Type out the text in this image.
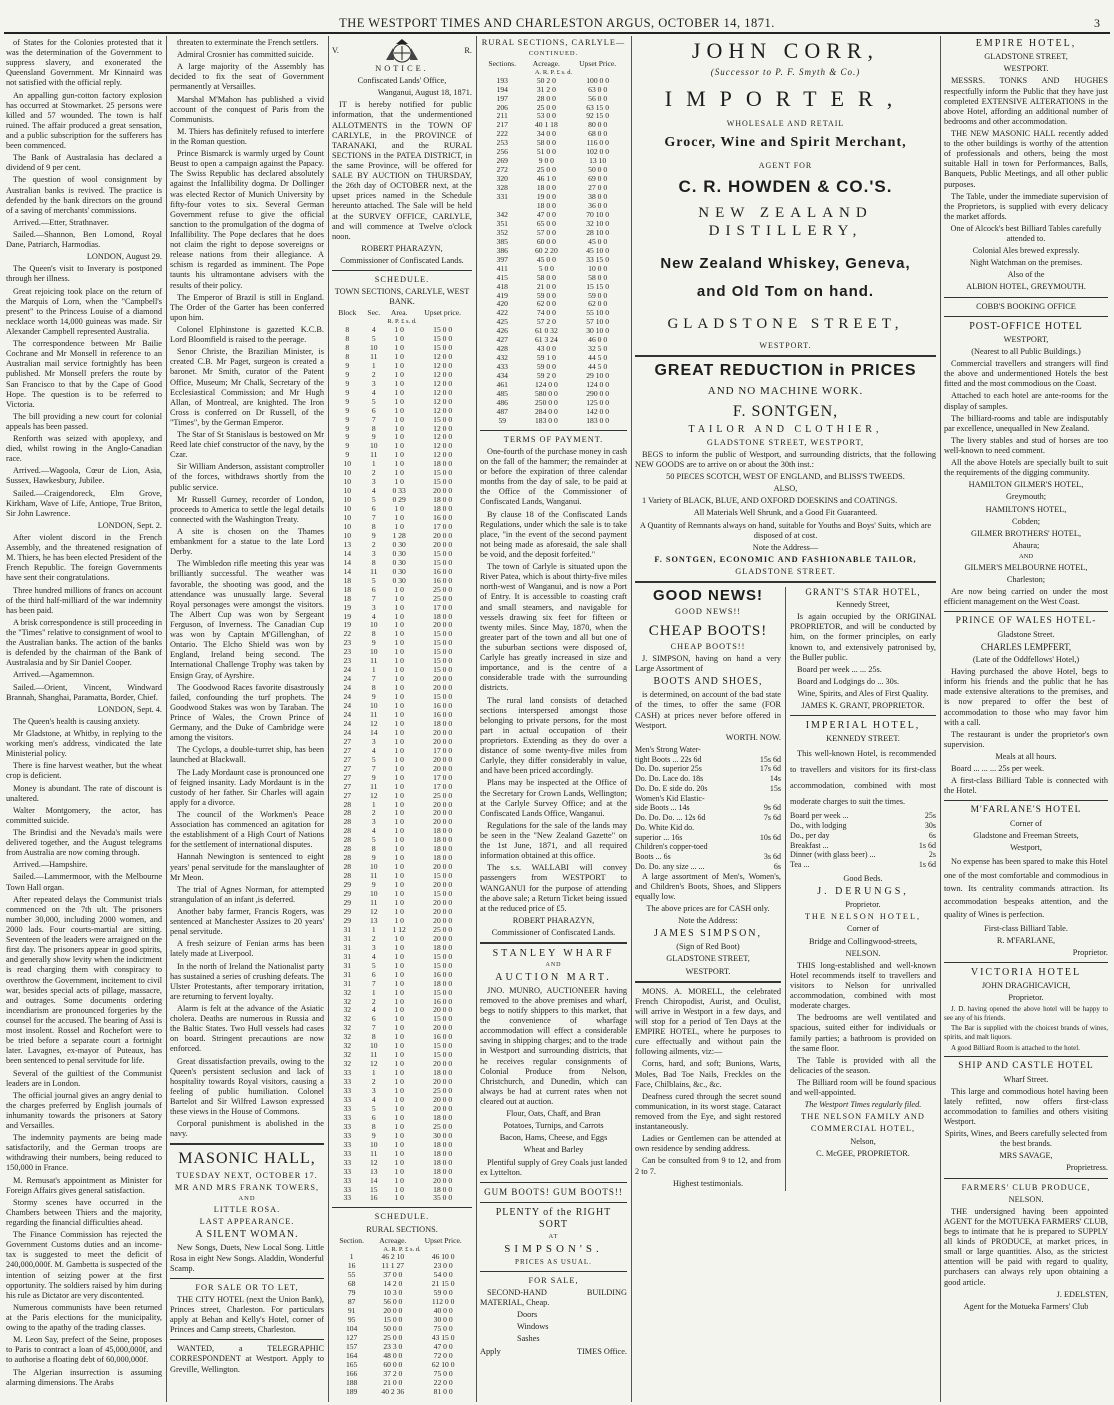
THE WESTPORT TIMES AND CHARLESTON ARGUS, OCTOBER 14, 1871.	3

of States for the Colonies protested that it was the determination of the Government to suppress slavery, and exonerated the Queensland Government. Mr Kinnaird was not satisfied with the official reply.

An appalling gun-cotton factory explosion has occurred at Stowmarket. 25 persons were killed and 57 wounded. The town is half ruined. The affair produced a great sensation, and a public subscription for the sufferers has been commenced.

The Bank of Australasia has declared a dividend of 9 per cent.

The question of wool consignment by Australian banks is revived. The practice is defended by the bank directors on the ground of a saving of merchants' commissions.

Arrived.—Etter, Strathnaver.

Sailed.—Shannon, Ben Lomond, Royal Dane, Patriarch, Harmodias.

LONDON, August 29.

The Queen's visit to Inverary is postponed through her illness.

Great rejoicing took place on the return of the Marquis of Lorn, when the "Campbell's present" to the Princess Louise of a diamond necklace worth 14,000 guineas was made. Sir Alexander Campbell represented Australia.

The correspondence between Mr Bailie Cochrane and Mr Monsell in reference to an Australian mail service fortnightly has been published. Mr Monsell prefers the route by San Francisco to that by the Cape of Good Hope. The question is to be referred to Victoria.

The bill providing a new court for colonial appeals has been passed.

Renforth was seized with apoplexy, and died, whilst rowing in the Anglo-Canadian race.

Arrived.—Wagoola, Cœur de Lion, Asia, Sussex, Hawkesbury, Jubilee.

Sailed.—Craigendoreck, Elm Grove, Kirkham, Wave of Life, Antiope, True Briton, Sir John Lawrence.

LONDON, Sept. 2.

After violent discord in the French Assembly, and the threatened resignation of M. Thiers, he has been elected President of the French Republic. The foreign Governments have sent their congratulations.

Three hundred millions of francs on account of the third half-milliard of the war indemnity has been paid.

A brisk correspondence is still proceeding in the "Times" relative to consignment of wool to the Australian banks. The action of the banks is defended by the chairman of the Bank of Australasia and by Sir Daniel Cooper.

Arrived.—Agamemnon.

Sailed.—Orient, Vincent, Windward Brannah, Shanghai, Paramatta, Border, Chief.

LONDON, Sept. 4.

The Queen's health is causing anxiety.

Mr Gladstone, at Whitby, in replying to the working men's address, vindicated the late Ministerial policy.

There is fine harvest weather, but the wheat crop is deficient.

Money is abundant. The rate of discount is unaltered.

Walter Montgomery, the actor, has committed suicide.

The Brindisi and the Nevada's mails were delivered together, and the August telegrams from Australia are now coming through.

Arrived.—Hampshire.

Sailed.—Lammermoor, with the Melbourne Town Hall organ.

After repeated delays the Communist trials commenced on the 7th ult. The prisoners number 30,000, including 2000 women, and 2000 lads. Four courts-martial are sitting. Seventeen of the leaders were arraigned on the first day. The prisoners appear in good spirits, and generally show levity when the indictment is read charging them with conspiracy to overthrow the Government, incitement to civil war, besides special acts of pillage, massacre, and outrages. Some documents ordering incendiarism are pronounced forgeries by the counsel for the accused. The bearing of Assi is most insolent. Rossel and Rochefort were to be tried before a separate court a fortnight later. Lavagnes, ex-mayor of Puteaux, has been sentenced to penal servitude for life.

Several of the guiltiest of the Communist leaders are in London.

The official journal gives an angry denial to the charges preferred by English journals of inhumanity towards the prisoners at Satory and Versailles.

The indemnity payments are being made satisfactorily, and the German troops are withdrawing their numbers, being reduced to 150,000 in France.

M. Remusat's appointment as Minister for Foreign Affairs gives general satisfaction.

Stormy scenes have occurred in the Chambers between Thiers and the majority, regarding the financial difficulties ahead.

The Finance Commission has rejected the Government Customs duties and an income-tax is suggested to meet the deficit of 240,000,000f. M. Gambetta is suspected of the intention of seizing power at the first opportunity. The soldiers raised by him during his rule as Dictator are very discontented.

Numerous communists have been returned at the Paris elections for the municipality, owing to the apathy of the trading classes.

M. Leon Say, prefect of the Seine, proposes to Paris to contract a loan of 45,000,000f, and to authorise a floating debt of 60,000,000f.

The Algerian insurrection is assuming alarming dimensions. The Arabs

threaten to exterminate the French settlers.

Admiral Crosnier has committed suicide.

A large majority of the Assembly has decided to fix the seat of Government permanently at Versailles.

Marshal M'Mahon has published a vivid account of the conquest of Paris from the Communists.

M. Thiers has definitely refused to interfere in the Roman question.

Prince Bismarck is warmly urged by Count Beust to open a campaign against the Papacy. The Swiss Republic has declared absolutely against the Infallibility dogma. Dr Dollinger was elected Rector of Munich University by fifty-four votes to six. Several German Government refuse to give the official sanction to the promulgation of the dogma of Infallibility. The Pope declares that he does not claim the right to depose sovereigns or release nations from their allegiance. A schism is regarded as imminent. The Pope taunts his ultramontane advisers with the results of their policy.

The Emperor of Brazil is still in England. The Order of the Garter has been conferred upon him.

Colonel Elphinstone is gazetted K.C.B. Lord Bloomfield is raised to the peerage.

Senor Christe, the Brazilian Minister, is created C.B. Mr Paget, surgeon is created a baronet. Mr Smith, curator of the Patent Office, Museum; Mr Chalk, Secretary of the Ecclesiastical Commission; and Mr Hugh Allan, of Montreal, are knighted. The Iron Cross is conferred on Dr Russell, of the "Times", by the German Emperor.

The Star of St Stanislaus is bestowed on Mr Reed late chief constructor of the navy, by the Czar.

Sir William Anderson, assistant comptroller of the forces, withdraws shortly from the public service.

Mr Russell Gurney, recorder of London, proceeds to America to settle the legal details connected with the Washington Treaty.

A site is chosen on the Thames embankment for a statue to the late Lord Derby.

The Wimbledon rifle meeting this year was brilliantly successful. The weather was favorable, the shooting was good, and the attendance was unusually large. Several Royal personages were amongst the visitors. The Albert Cup was won by Sergeant Ferguson, of Inverness. The Canadian Cup was won by Captain M'Gillenghan, of Ontario. The Elcho Shield was won by England, Ireland being second. The International Challenge Trophy was taken by Ensign Gray, of Ayrshire.

The Goodwood Races favorite disastrously failed, confounding the turf prophets. The Goodwood Stakes was won by Taraban. The Prince of Wales, the Crown Prince of Germany, and the Duke of Cambridge were among the visitors.

The Cyclops, a double-turret ship, has been launched at Blackwall.

The Lady Mordaunt case is pronounced one of feigned insanity. Lady Mordaunt is in the custody of her father. Sir Charles will again apply for a divorce.

The council of the Workmen's Peace Association has commenced an agitation for the establishment of a High Court of Nations for the settlement of international disputes.

Hannah Newington is sentenced to eight years' penal servitude for the manslaughter of Mr Meon.

The trial of Agnes Norman, for attempted strangulation of an infant ,is deferred.

Another baby farmer, Francis Rogers, was sentenced at Manchester Assizes to 20 years' penal servitude.

A fresh seizure of Fenian arms has been lately made at Liverpool.

In the north of Ireland the Nationalist party has sustained a series of crushing defeats. The Ulster Protestants, after temporary irritation, are returning to fervent loyalty.

Alarm is felt at the advance of the Asiatic cholera. Deaths are numerous in Russia and the Baltic States. Two Hull vessels had cases on board. Stringent precautions are now enforced.

Great dissatisfaction prevails, owing to the Queen's persistent seclusion and lack of hospitality towards Royal visitors, causing a feeling of public humiliation. Colonel Bartelot and Sir Wilfred Lawson expressed these views in the House of Commons.

Corporal punishment is abolished in the navy.

MASONIC HALL,

TUESDAY NEXT, OCTOBER 17.

MR AND MRS FRANK TOWERS,

AND

LITTLE ROSA.

LAST APPEARANCE.

A SILENT WOMAN.

New Songs, Duets, New Local Song. Little Rosa in eight New Songs. Aladdin, Wonderful Scamp.

FOR SALE OR TO LET,

THE CITY HOTEL (next the Union Bank), Princes street, Charleston. For particulars apply at Behan and Kelly's Hotel, corner of Princes and Camp streets, Charleston.

WANTED, a TELEGRAPHIC CORRESPONDENT at Westport. Apply to Greville, Wellington.

V.	R.

NOTICE.

Confiscated Lands' Office,

Wanganui, August 18, 1871.

IT is hereby notified for public information, that the undermentioned ALLOTMENTS in the TOWN OF CARLYLE, in the PROVINCE of TARANAKI, and the RURAL SECTIONS in the PATEA DISTRICT, in the same Province, will be offered for SALE BY AUCTION on THURSDAY, the 26th day of OCTOBER next, at the upset prices named in the Schedule hereunto attached. The Sale will be held at the SURVEY OFFICE, CARLYLE, and will commence at Twelve o'clock noon.

ROBERT PHARAZYN,

Commissioner of Confiscated Lands.

SCHEDULE.

TOWN SECTIONS, CARLYLE, WEST BANK.

Block	Sec.	Area.	Upset price.
R. P. £ s. d.			
8	4	1 0	15 0 0
8	5	1 0	15 0 0
8	10	1 0	15 0 0
8	11	1 0	12 0 0
9	1	1 0	12 0 0
9	2	1 0	12 0 0
9	3	1 0	12 0 0
9	4	1 0	12 0 0
9	5	1 0	12 0 0
9	6	1 0	12 0 0
9	7	1 0	15 0 0
9	8	1 0	12 0 0
9	9	1 0	12 0 0
9	10	1 0	12 0 0
9	11	1 0	12 0 0
10	1	1 0	18 0 0
10	2	1 0	15 0 0
10	3	1 0	15 0 0
10	4	0 33	20 0 0
10	5	0 29	18 0 0
10	6	1 0	18 0 0
10	7	1 0	16 0 0
10	8	1 0	17 0 0
10	9	1 28	20 0 0
13	2	0 30	20 0 0
14	3	0 30	15 0 0
14	8	0 30	15 0 0
14	11	0 30	16 0 0
18	5	0 30	16 0 0
18	6	1 0	25 0 0
18	7	1 0	25 0 0
19	3	1 0	17 0 0
19	4	1 0	18 0 0
19	10	1 0	20 0 0
22	8	1 0	15 0 0
23	9	1 0	15 0 0
23	10	1 0	15 0 0
23	11	1 0	15 0 0
24	1	1 0	15 0 0
24	7	1 0	20 0 0
24	8	1 0	20 0 0
24	9	1 0	15 0 0
24	10	1 0	16 0 0
24	11	1 0	16 0 0
24	12	1 0	18 0 0
24	14	1 0	20 0 0
27	3	1 0	20 0 0
27	4	1 0	17 0 0
27	5	1 0	20 0 0
27	7	1 0	20 0 0
27	9	1 0	17 0 0
27	11	1 0	17 0 0
27	12	1 0	25 0 0
28	1	1 0	20 0 0
28	2	1 0	20 0 0
28	3	1 0	20 0 0
28	4	1 0	18 0 0
28	5	1 0	18 0 0
28	8	1 0	18 0 0
28	9	1 0	18 0 0
28	10	1 0	20 0 0
28	11	1 0	15 0 0
29	9	1 0	20 0 0
29	10	1 0	15 0 0
29	11	1 0	20 0 0
29	12	1 0	20 0 0
29	13	1 0	20 0 0
31	1	1 12	25 0 0
31	2	1 0	20 0 0
31	3	1 0	18 0 0
31	4	1 0	15 0 0
31	5	1 0	15 0 0
31	6	1 0	16 0 0
31	7	1 0	18 0 0
32	1	1 0	15 0 0
32	2	1 0	16 0 0
32	4	1 0	20 0 0
32	6	1 0	15 0 0
32	7	1 0	20 0 0
32	8	1 0	16 0 0
32	10	1 0	15 0 0
32	11	1 0	15 0 0
32	12	1 0	20 0 0
33	1	1 0	18 0 0
33	2	1 0	20 0 0
33	3	1 0	25 0 0
33	4	1 0	20 0 0
33	5	1 0	20 0 0
33	6	1 0	18 0 0
33	8	1 0	25 0 0
33	9	1 0	30 0 0
33	10	1 0	18 0 0
33	11	1 0	18 0 0
33	12	1 0	18 0 0
33	13	1 0	18 0 0
33	14	1 0	20 0 0
33	15	1 0	18 0 0
33	16	1 0	35 0 0

SCHEDULE.

RURAL SECTIONS.

Section.	Acreage.	Upset Price.
A. R. P. £ s. d.		
1	46 2 10	46 10 0
16	11 1 27	23 0 0
55	37 0 0	54 0 0
68	14 2 0	21 15 0
79	10 3 0	59 0 0
87	56 0 0	112 0 0
91	20 0 0	40 0 0
95	15 0 0	30 0 0
104	50 0 0	75 0 0
127	25 0 0	43 15 0
157	23 3 0	47 0 0
164	48 0 0	72 0 0
165	60 0 0	62 10 0
166	37 2 0	75 0 0
188	21 0 0	22 0 0
189	40 2 36	81 0 0

RURAL SECTIONS, CARLYLE—

CONTINUED.

Sections.	Acreage.	Upset Price.
A. R. P. £ s. d.		
193	50 2 0	100 0 0
194	31 2 0	63 0 0
197	28 0 0	56 0 0
206	25 0 0	63 15 0
211	53 0 0	92 15 0
217	40 1 18	80 0 0
222	34 0 0	68 0 0
253	58 0 0	116 0 0
256	51 0 0	102 0 0
269	9 0 0	13 10
272	25 0 0	50 0 0
320	46 1 0	69 0 0
328	18 0 0	27 0 0
331	19 0 0	38 0 0
	18 0 0	36 0 0
342	47 0 0	70 10 0
351	65 0 0	32 10 0
352	57 0 0	28 10 0
385	60 0 0	45 0 0
386	60 2 20	45 10 0
397	45 0 0	33 15 0
411	5 0 0	10 0 0
415	58 0 0	58 0 0
418	21 0 0	15 15 0
419	59 0 0	59 0 0
420	62 0 0	62 0 0
422	74 0 0	55 10 0
425	57 2 0	57 10 0
426	61 0 32	30 10 0
427	61 3 24	46 0 0
428	43 0 0	32 5 0
432	59 1 0	44 5 0
433	59 0 0	44 5 0
434	59 2 0	29 10 0
461	124 0 0	124 0 0
485	580 0 0	290 0 0
486	250 0 0	125 0 0
487	284 0 0	142 0 0
59	183 0 0	183 0 0

TERMS OF PAYMENT.

One-fourth of the purchase money in cash on the fall of the hammer; the remainder at or before the expiration of three calendar months from the day of sale, to be paid at the Office of the Commissioner of Confiscated Lands, Wanganui.

By clause 18 of the Confiscated Lands Regulations, under which the sale is to take place, "in the event of the second payment not being made as aforesaid, the sale shall be void, and the deposit forfeited."

The town of Carlyle is situated upon the River Patea, which is about thirty-five miles north-west of Wanganui, and is now a Port of Entry. It is accessible to coasting craft and small steamers, and navigable for vessels drawing six feet for fifteen or twenty miles. Since May, 1870, when the greater part of the town and all but one of the suburban sections were disposed of, Carlyle has greatly increased in size and importance, and is the centre of a considerable trade with the surrounding districts.

The rural land consists of detached sections interspersed amongst those belonging to private persons, for the most part in actual occupation of their proprietors. Extending as they do over a distance of some twenty-five miles from Carlyle, they differ considerably in value, and have been priced accordingly.

Plans may be inspected at the Office of the Secretary for Crown Lands, Wellington; at the Carlyle Survey Office; and at the Confiscated Lands Office, Wanganui.

Regulations for the sale of the lands may be seen in the "New Zealand Gazette" on the 1st June, 1871, and all required information obtained at this office.

The s.s. WALLABI will convey passengers from WESTPORT to WANGANUI for the purpose of attending the above sale; a Return Ticket being issued at the reduced price of £5.

ROBERT PHARAZYN,

Commissioner of Confiscated Lands.

STANLEY WHARF

AND

AUCTION MART.

JNO. MUNRO, AUCTIONEER having removed to the above premises and wharf, begs to notify shippers to this market, that the convenience of wharfage accommodation will effect a considerable saving in shipping charges; and to the trade in Westport and surrounding districts, that he receives regular consignments of Colonial Produce from Nelson, Christchurch, and Dunedin, which can always be had at current rates when not cleared out at auction.

Flour, Oats, Chaff, and Bran

Potatoes, Turnips, and Carrots

Bacon, Hams, Cheese, and Eggs

Wheat and Barley

Plentiful supply of Grey Coals just landed ex Lyttelton.

GUM BOOTS! GUM BOOTS!!

PLENTY of the RIGHT SORT

AT

SIMPSON'S.

PRICES AS USUAL.

FOR SALE,

SECOND-HAND BUILDING MATERIAL, Cheap.

Doors

Windows

Sashes

Apply	TIMES Office.

JOHN CORR,

(Successor to P. F. Smyth & Co.)

IMPORTER,

WHOLESALE AND RETAIL

Grocer, Wine and Spirit Merchant,

AGENT FOR

C. R. HOWDEN & CO.'S.

NEW ZEALAND DISTILLERY,

New Zealand Whiskey, Geneva,

and Old Tom on hand.

GLADSTONE STREET,

WESTPORT.

GREAT REDUCTION in PRICES

AND NO MACHINE WORK.

F. SONTGEN,

TAILOR AND CLOTHIER,

GLADSTONE STREET, WESTPORT,

BEGS to inform the public of Westport, and surrounding districts, that the following NEW GOODS are to arrive on or about the 30th inst.:

50 PIECES SCOTCH, WEST OF ENGLAND, and BLISS'S TWEEDS.

ALSO,

1 Variety of BLACK, BLUE, AND OXFORD DOESKINS and COATINGS.

All Materials Well Shrunk, and a Good Fit Guaranteed.

A Quantity of Remnants always on hand, suitable for Youths and Boys' Suits, which are disposed of at cost.

Note the Address—

F. SONTGEN, ECONOMIC AND FASHIONABLE TAILOR,

GLADSTONE STREET.

GOOD NEWS!

GOOD NEWS!!

CHEAP BOOTS!

CHEAP BOOTS!!

J. SIMPSON, having on hand a very Large Assortment of

BOOTS AND SHOES,

is determined, on account of the bad state of the times, to offer the same (FOR CASH) at prices never before offered in Westport.

WORTH. NOW.

Men's Strong Water-
tight Boots ... 22s 6d	15s 6d
Do. Do. superior 25s	17s 6d
Do. Do. Lace do. 18s	14s
Do. Do. E side do. 20s	15s
Women's Kid Elastic-
side Boots ... 14s	9s 6d
Do. Do. Do. ... 12s 6d	7s 6d
Do. White Kid do.
superior ... 16s	10s 6d
Children's copper-toed
Boots ... 6s	3s 6d
Do. Do. any size ... ...	6s

A large assortment of Men's, Women's, and Children's Boots, Shoes, and Slippers equally low.

The above prices are for CASH only.

Note the Address:

JAMES SIMPSON,

(Sign of Red Boot)

GLADSTONE STREET,

WESTPORT.

MONS. A. MORELL, the celebrated French Chiropodist, Aurist, and Oculist, will arrive in Westport in a few days, and will stop for a period of Ten Days at the EMPIRE HOTEL, where he purposes to cure effectually and without pain the following ailments, viz:—

Corns, hard, and soft; Bunions, Warts, Moles, Bad Toe Nails, Freckles on the Face, Chilblains, &c., &c.

Deafness cured through the secret sound communication, in its worst stage. Cataract removed from the Eye, and sight restored instantaneously.

Ladies or Gentlemen can be attended at own residence by sending address.

Can be consulted from 9 to 12, and from 2 to 7.

Highest testimonials.

GRANT'S STAR HOTEL,

Kennedy Street,

Is again occupied by the ORIGINAL PROPRIETOR, and will be conducted by him, on the former principles, on early known to, and extensively patronised by, the Buller public.

Board per week ... ... 25s.

Board and Lodgings do ... 30s.

Wine, Spirits, and Ales of First Quality.

JAMES K. GRANT, PROPRIETOR.

IMPERIAL HOTEL,

KENNEDY STREET.

This well-known Hotel, is recommended to travellers and visitors for its first-class accommodation, combined with most moderate charges to suit the times.

Board per week ...	25s
Do., with lodging	30s
Do., per day	6s
Breakfast ...	1s 6d
Dinner (with glass beer) ...	2s
Tea ...	1s 6d

Good Beds.

J. DERUNGS,

Proprietor.

THE NELSON HOTEL,

Corner of

Bridge and Collingwood-streets,

NELSON.

THIS long-established and well-known Hotel recommends itself to travellers and visitors to Nelson for unrivalled accommodation, combined with most moderate charges.

The bedrooms are well ventilated and spacious, suited either for individuals or family parties; a bathroom is provided on the same floor.

The Table is provided with all the delicacies of the season.

The Billiard room will be found spacious and well-appointed.

The Westport Times regularly filed.

THE NELSON FAMILY AND

COMMERCIAL HOTEL,

Nelson,

C. McGEE, PROPRIETOR.

EMPIRE HOTEL,

GLADSTONE STREET,

WESTPORT.

MESSRS. TONKS AND HUGHES respectfully inform the Public that they have just completed EXTENSIVE ALTERATIONS in the above Hotel, affording an additional number of bedrooms and other accommodation.

THE NEW MASONIC HALL recently added to the other buildings is worthy of the attention of professionals and others, being the most suitable Hall in town for Performances, Balls, Banquets, Public Meetings, and all other public purposes.

The Table, under the immediate supervision of the Proprietors, is supplied with every delicacy the market affords.

One of Alcock's best Billiard Tables carefully attended to.

Colonial Ales brewed expressly.

Night Watchman on the premises.

Also of the

ALBION HOTEL, GREYMOUTH.

COBB'S BOOKING OFFICE

POST-OFFICE HOTEL

WESTPORT,

(Nearest to all Public Buildings.)

Commercial travellers and strangers will find the above and undermentioned Hotels the best fitted and the most commodious on the Coast.

Attached to each hotel are ante-rooms for the display of samples.

The billiard-rooms and table are indisputably par excellence, unequalled in New Zealand.

The livery stables and stud of horses are too well-known to need comment.

All the above Hotels are specially built to suit the requirements of the digging community.

HAMILTON GILMER'S HOTEL,

Greymouth;

HAMILTON'S HOTEL,

Cobden;

GILMER BROTHERS' HOTEL,

Ahaura;

AND

GILMER'S MELBOURNE HOTEL,

Charleston;

Are now being carried on under the most efficient management on the West Coast.

PRINCE OF WALES HOTEL-

Gladstone Street.

CHARLES LEMPFERT,

(Late of the Oddfellows' Hotel,)

Having purchased the above Hotel, begs to inform his friends and the public that he has made extensive alterations to the premises, and is now prepared to offer the best of accommodation to those who may favor him with a call.

The restaurant is under the proprietor's own supervision.

Meals at all hours.

Board ... ... ... 25s per week.

A first-class Billiard Table is connected with the Hotel.

M'FARLANE'S HOTEL

Corner of

Gladstone and Freeman Streets,

Westport,

No expense has been spared to make this Hotel one of the most comfortable and commodious in town. Its centrality commands attraction. Its accommodation bespeaks attention, and the quality of Wines is perfection.

First-class Billiard Table.

R. M'FARLANE,

Proprietor.

VICTORIA HOTEL

JOHN DRAGHICAVICH,

Proprietor.

J. D. having opened the above hotel will be happy to see any of his friends.

The Bar is supplied with the choicest brands of wines, spirits, and malt liquors.

A good Billiard Room is attached to the hotel.

SHIP AND CASTLE HOTEL

Wharf Street.

This large and commodious hotel having been lately refitted, now offers first-class accommodation to families and others visiting Westport.

Spirits, Wines, and Beers carefully selected from the best brands.

MRS SAVAGE,

Proprietress.

FARMERS' CLUB PRODUCE,

NELSON.

THE undersigned having been appointed AGENT for the MOTUEKA FARMERS' CLUB, begs to intimate that he is prepared to SUPPLY all kinds of PRODUCE, at market prices, in small or large quantities. Also, as the strictest attention will be paid with regard to quality, purchasers can always rely upon obtaining a good article.

J. EDELSTEN,

Agent for the Motueka Farmers' Club
